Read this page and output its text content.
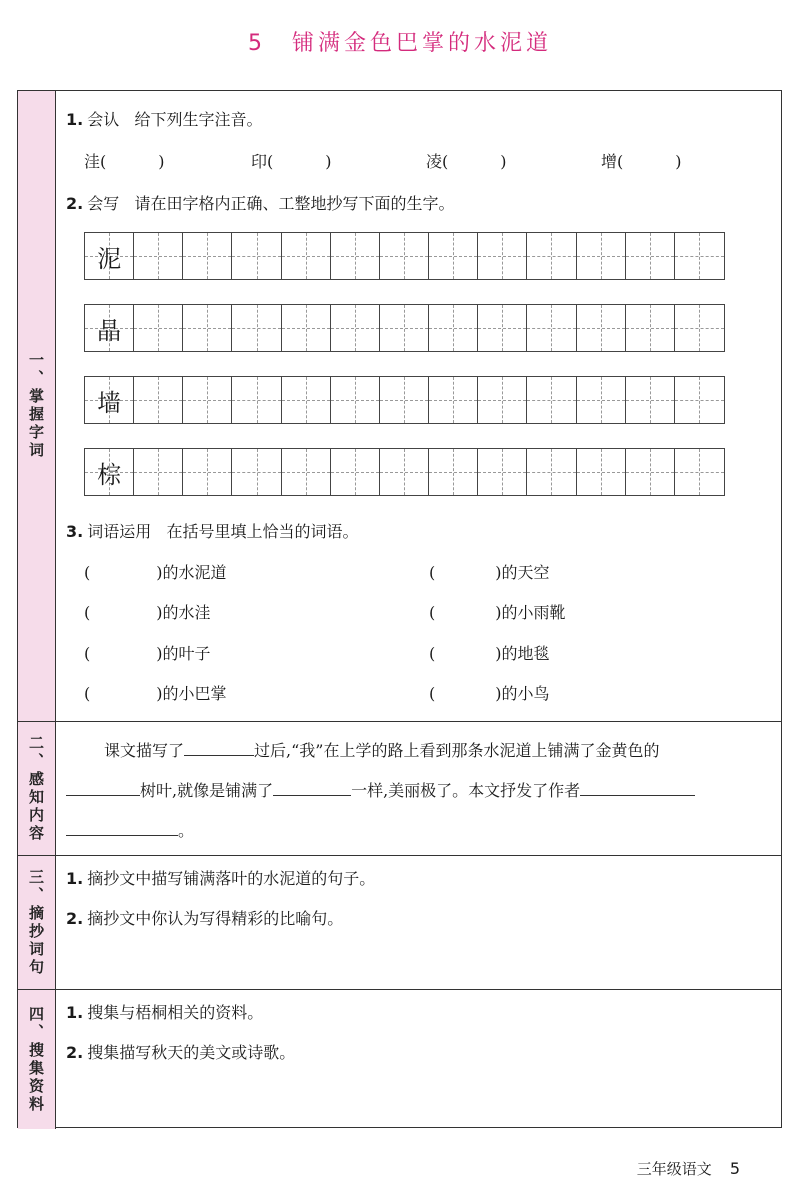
5 铺满金色巴掌的水泥道
一、掌握字词
1. 会认 给下列生字注音。
洼(	)	印(	)	凌(	)	增(	)
2. 会写 请在田字格内正确、工整地抄写下面的生字。
泥
晶
墙
棕
3. 词语运用 在括号里填上恰当的词语。
(	)的水泥道	(	)的天空
(	)的水洼	(	)的小雨靴
(	)的叶子	(	)的地毯
(	)的小巴掌	(	)的小鸟
二、感知内容	课文描写了	过后,“我”在上学的路上看到那条水泥道上铺满了金黄色的
树叶,就像是铺满了	一样,美丽极了。本文抒发了作者
。
三、摘抄词句 1. 摘抄文中描写铺满落叶的水泥道的句子。
2. 摘抄文中你认为写得精彩的比喻句。
四、搜集资料 1. 搜集与梧桐相关的资料。
2. 搜集描写秋天的美文或诗歌。
三年级语文 5
